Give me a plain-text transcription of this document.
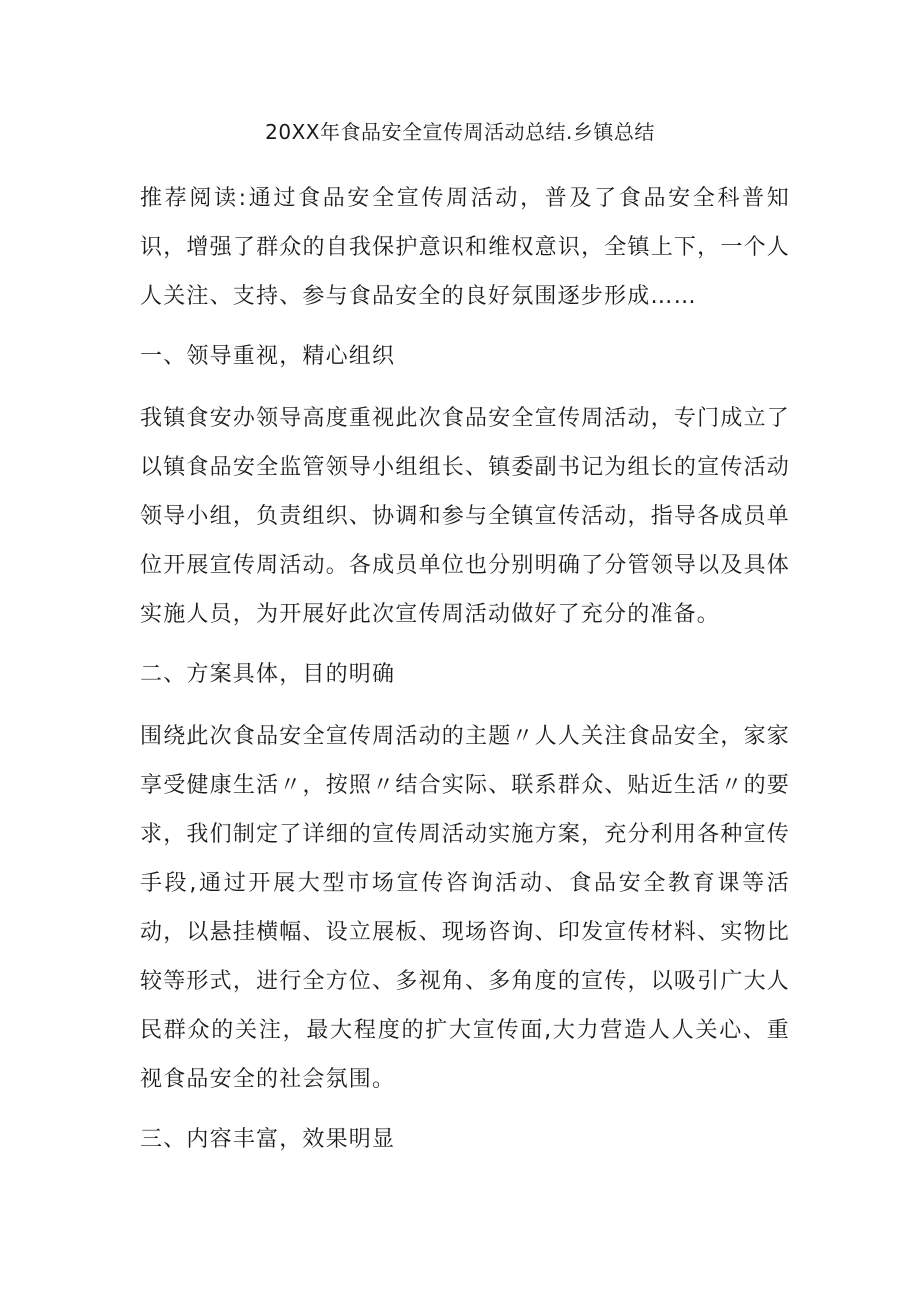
20XX年食品安全宣传周活动总结.乡镇总结

推荐阅读:通过食品安全宣传周活动，普及了食品安全科普知识，增强了群众的自我保护意识和维权意识，全镇上下，一个人人关注、支持、参与食品安全的良好氛围逐步形成……

一、领导重视，精心组织

我镇食安办领导高度重视此次食品安全宣传周活动，专门成立了以镇食品安全监管领导小组组长、镇委副书记为组长的宣传活动领导小组，负责组织、协调和参与全镇宣传活动，指导各成员单位开展宣传周活动。各成员单位也分别明确了分管领导以及具体实施人员，为开展好此次宣传周活动做好了充分的准备。

二、方案具体，目的明确

围绕此次食品安全宣传周活动的主题〃人人关注食品安全，家家享受健康生活〃，按照〃结合实际、联系群众、贴近生活〃的要求，我们制定了详细的宣传周活动实施方案，充分利用各种宣传手段,通过开展大型市场宣传咨询活动、食品安全教育课等活动，以悬挂横幅、设立展板、现场咨询、印发宣传材料、实物比较等形式，进行全方位、多视角、多角度的宣传，以吸引广大人民群众的关注，最大程度的扩大宣传面,大力营造人人关心、重视食品安全的社会氛围。

三、内容丰富，效果明显
